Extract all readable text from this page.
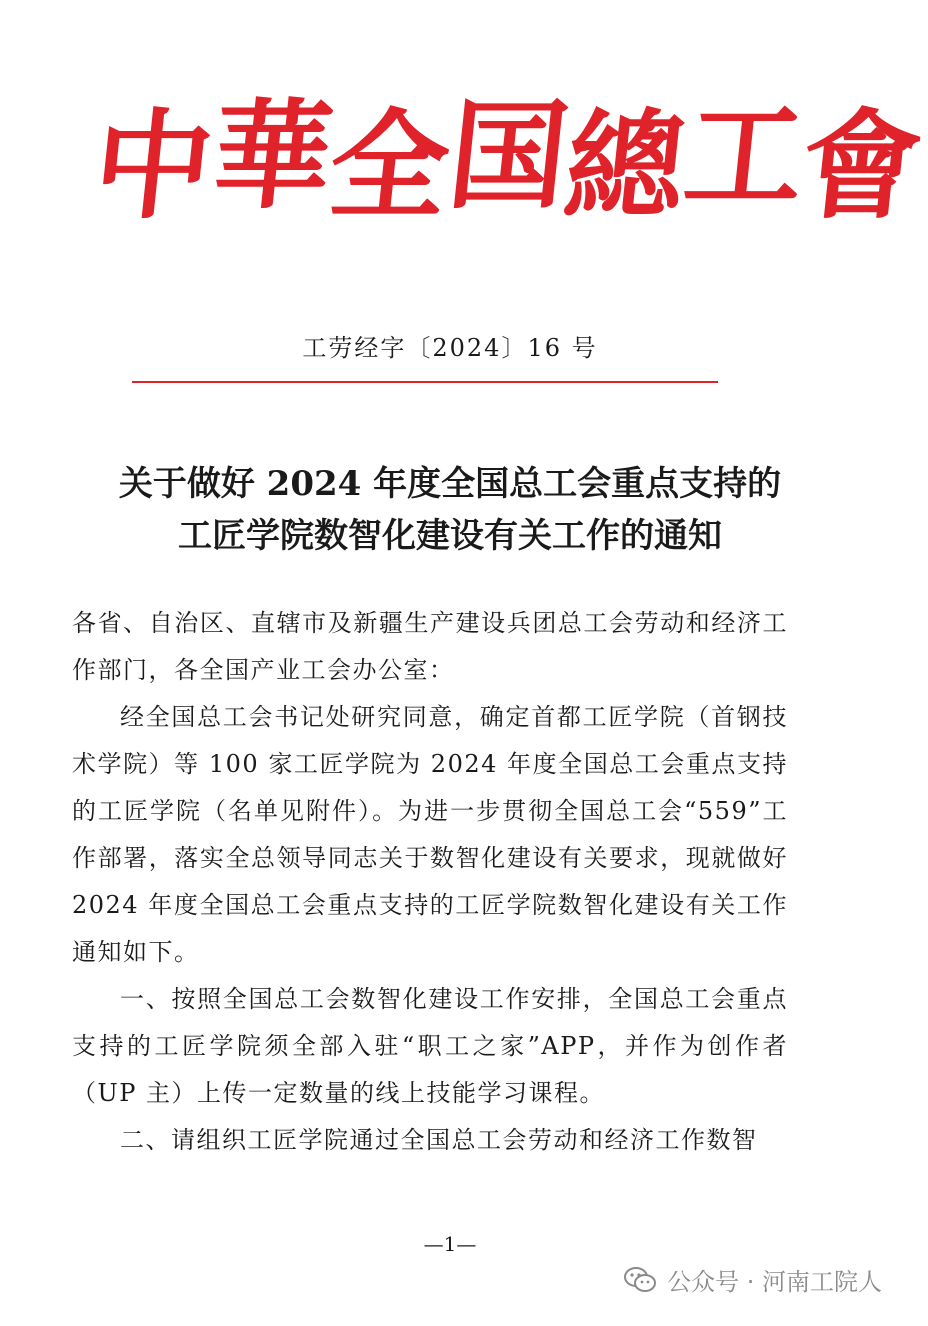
中
華
全
国
總
工
會
工劳经字〔2024〕16 号
关于做好 2024 年度全国总工会重点支持的
工匠学院数智化建设有关工作的通知

各省、自治区、直辖市及新疆生产建设兵团总工会劳动和经济工作部门，各全国产业工会办公室：

经全国总工会书记处研究同意，确定首都工匠学院（首钢技术学院）等 100 家工匠学院为 2024 年度全国总工会重点支持的工匠学院（名单见附件）。为进一步贯彻全国总工会“559”工作部署，落实全总领导同志关于数智化建设有关要求，现就做好 2024 年度全国总工会重点支持的工匠学院数智化建设有关工作通知如下。

一、按照全国总工会数智化建设工作安排，全国总工会重点支持的工匠学院须全部入驻“职工之家”APP，并作为创作者（UP 主）上传一定数量的线上技能学习课程。

二、请组织工匠学院通过全国总工会劳动和经济工作数智

—1—
公众号 · 河南工院人
